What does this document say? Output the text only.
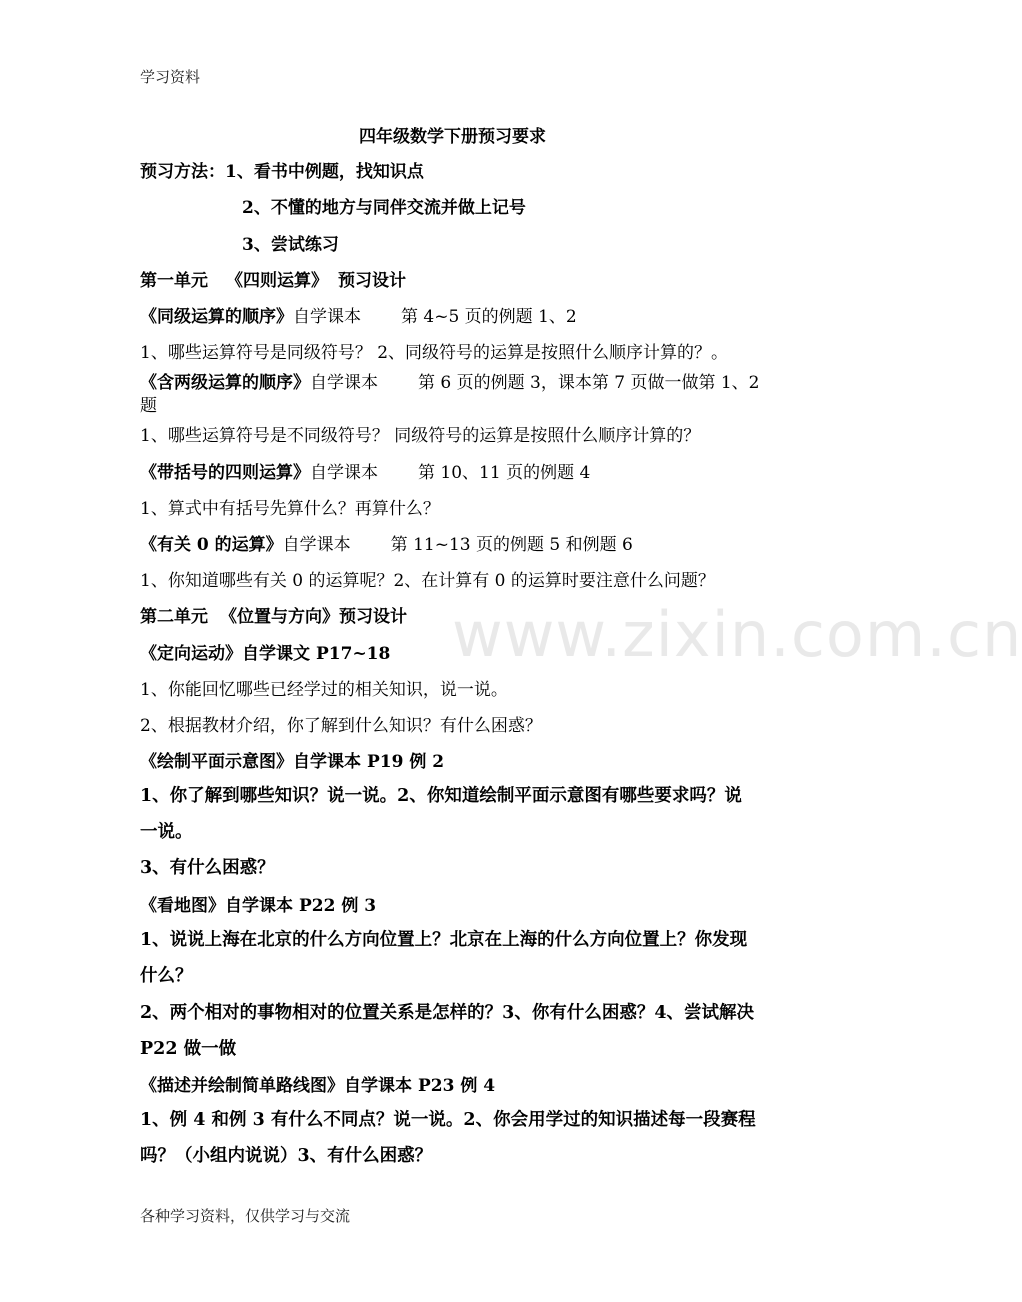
学习资料
四年级数学下册预习要求
预习方法：1、看书中例题，找知识点
2、不懂的地方与同伴交流并做上记号
3、尝试练习
第一单元 《四则运算》 预习设计
《同级运算的顺序》自学课本 第 4~5 页的例题 1、2
1、哪些运算符号是同级符号？ 2、同级符号的运算是按照什么顺序计算的？。
《含两级运算的顺序》自学课本 第 6 页的例题 3，课本第 7 页做一做第 1、2
题
1、哪些运算符号是不同级符号？ 同级符号的运算是按照什么顺序计算的？
《带括号的四则运算》自学课本 第 10、11 页的例题 4
1、算式中有括号先算什么？再算什么？
《有关 0 的运算》自学课本 第 11~13 页的例题 5 和例题 6
1、你知道哪些有关 0 的运算呢？2、在计算有 0 的运算时要注意什么问题？
第二单元 《位置与方向》预习设计
《定向运动》自学课文 P17~18
1、你能回忆哪些已经学过的相关知识，说一说。
2、根据教材介绍，你了解到什么知识？有什么困惑？
《绘制平面示意图》自学课本 P19 例 2
1、你了解到哪些知识？说一说。2、你知道绘制平面示意图有哪些要求吗？说
一说。
3、有什么困惑？
《看地图》自学课本 P22 例 3
1、说说上海在北京的什么方向位置上？北京在上海的什么方向位置上？你发现
什么？
2、两个相对的事物相对的位置关系是怎样的？3、你有什么困惑？4、尝试解决
P22 做一做
《描述并绘制简单路线图》自学课本 P23 例 4
1、例 4 和例 3 有什么不同点？说一说。2、你会用学过的知识描述每一段赛程
吗？（小组内说说）3、有什么困惑？
www.zixin.com.cn
各种学习资料，仅供学习与交流
